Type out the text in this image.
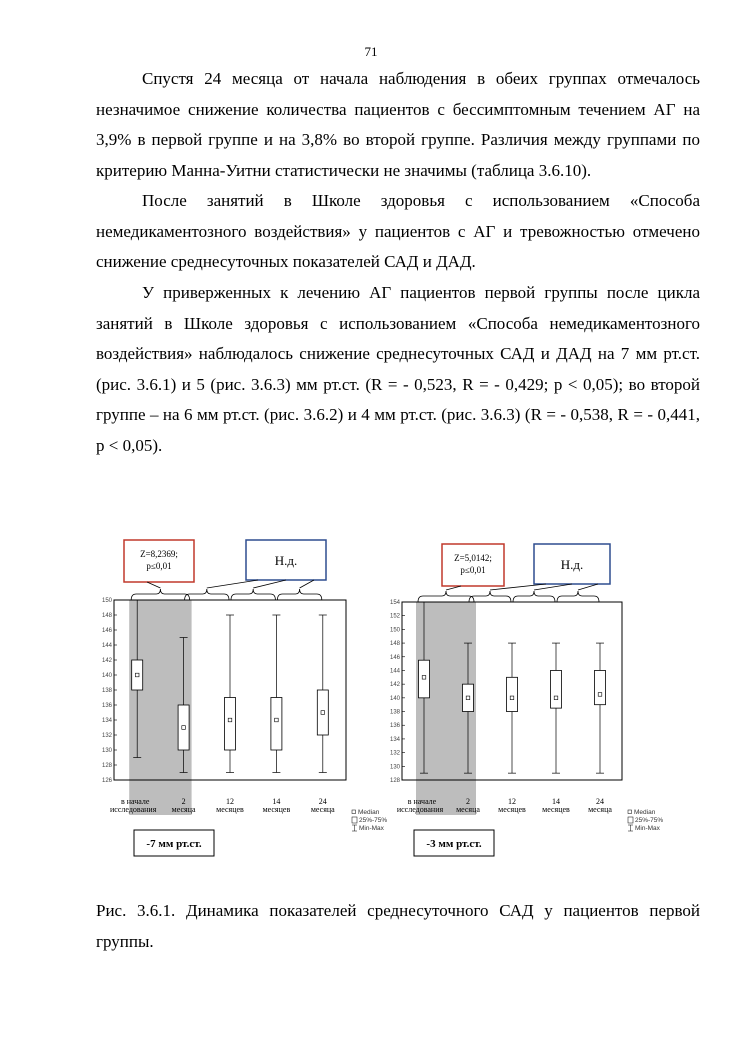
71

Спустя 24 месяца от начала наблюдения в обеих группах отмечалось незначимое снижение количества пациентов с бессимптомным течением АГ на 3,9% в первой группе и на 3,8% во второй группе. Различия между группами по критерию Манна-Уитни статистически не значимы (таблица 3.6.10).

После занятий в Школе здоровья с использованием «Способа немедикаментозного воздействия» у пациентов с АГ и тревожностью отмечено снижение среднесуточных показателей САД и ДАД.

У приверженных к лечению АГ пациентов первой группы после цикла занятий в Школе здоровья с использованием «Способа немедикаментозного воздействия» наблюдалось снижение среднесуточных САД и ДАД на 7 мм рт.ст. (рис. 3.6.1) и 5 (рис. 3.6.3) мм рт.ст. (R = - 0,523, R = - 0,429; р < 0,05); во второй группе – на 6 мм рт.ст. (рис. 3.6.2) и 4 мм рт.ст. (рис. 3.6.3) (R = - 0,538, R = - 0,441, р < 0,05).

126
128
130
132
134
136
138
140
142
144
146
148
150
в начале
исследования
2
месяца
12
месяцев
14
месяцев
24
месяца
Z=8,2369;
р≤0,01	Н.д.
-7 мм рт.ст.
Median
25%-75%
Min-Max
128
130
132
134
136
138
140
142
144
146
148
150
152
154
в начале
исследования
2
месяца
12
месяцев
14
месяцев
24
месяца
Z=5,0142;
р≤0,01	Н.д.
-3 мм рт.ст.
Median
25%-75%
Min-Max

Рис. 3.6.1. Динамика показателей среднесуточного САД у пациентов первой группы.
